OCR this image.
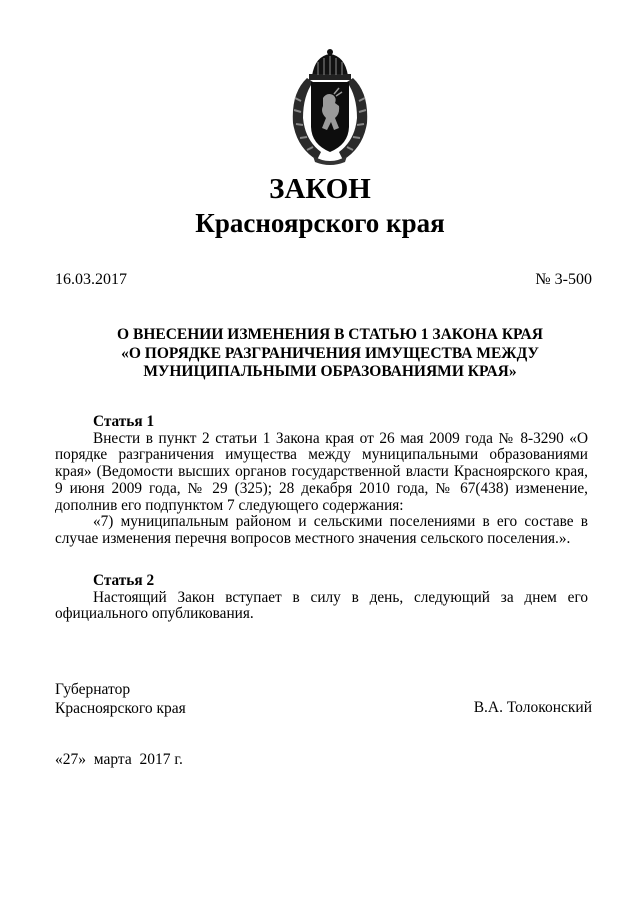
ЗАКОН
Красноярского края
16.03.2017	№ 3-500
О ВНЕСЕНИИ ИЗМЕНЕНИЯ В СТАТЬЮ 1 ЗАКОНА КРАЯ
«О ПОРЯДКЕ РАЗГРАНИЧЕНИЯ ИМУЩЕСТВА МЕЖДУ
МУНИЦИПАЛЬНЫМИ ОБРАЗОВАНИЯМИ КРАЯ»
Статья 1

Внести в пункт 2 статьи 1 Закона края от 26 мая 2009 года № 8-3290 «О порядке разграничения имущества между муниципальными образованиями края» (Ведомости высших органов государственной власти Красноярского края, 9 июня 2009 года, № 29 (325); 28 декабря 2010 года, № 67(438) изменение, дополнив его подпунктом 7 следующего содержания:

«7) муниципальным районом и сельскими поселениями в его составе в случае изменения перечня вопросов местного значения сельского поселения.».

Статья 2

Настоящий Закон вступает в силу в день, следующий за днем его официального опубликования.

Губернатор
Красноярского края	В.А. Толоконский
«27»  марта  2017 г.
